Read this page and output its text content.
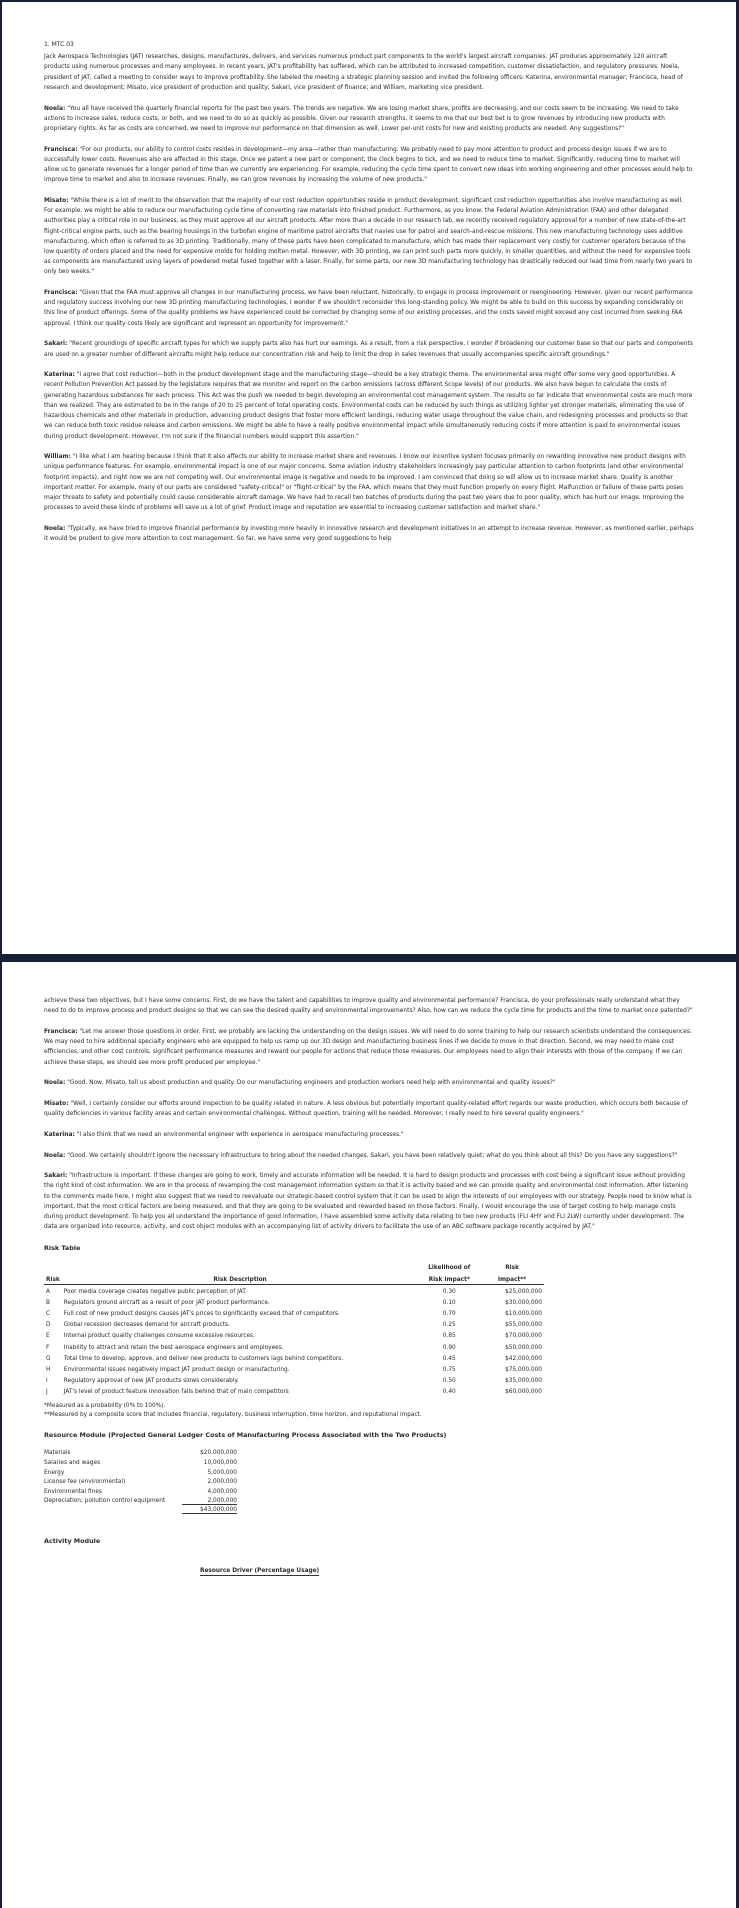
1. MTC.03

Jack Aerospace Technologies (JAT) researches, designs, manufactures, delivers, and services numerous product part components to the world's largest aircraft companies. JAT produces approximately 120 aircraft products using numerous processes and many employees. In recent years, JAT's profitability has suffered, which can be attributed to increased competition, customer dissatisfaction, and regulatory pressures. Noela, president of JAT, called a meeting to consider ways to improve profitability. She labeled the meeting a strategic planning session and invited the following officers: Katerina, environmental manager; Francisca, head of research and development; Misato, vice president of production and quality; Sakari, vice president of finance; and William, marketing vice president.

Noela: "You all have received the quarterly financial reports for the past two years. The trends are negative. We are losing market share, profits are decreasing, and our costs seem to be increasing. We need to take actions to increase sales, reduce costs, or both, and we need to do so as quickly as possible. Given our research strengths, it seems to me that our best bet is to grow revenues by introducing new products with proprietary rights. As far as costs are concerned, we need to improve our performance on that dimension as well. Lower per-unit costs for new and existing products are needed. Any suggestions?"

Francisca: "For our products, our ability to control costs resides in development—my area—rather than manufacturing. We probably need to pay more attention to product and process design issues if we are to successfully lower costs. Revenues also are affected in this stage. Once we patent a new part or component, the clock begins to tick, and we need to reduce time to market. Significantly, reducing time to market will allow us to generate revenues for a longer period of time than we currently are experiencing. For example, reducing the cycle time spent to convert new ideas into working engineering and other processes would help to improve time to market and also to increase revenues. Finally, we can grow revenues by increasing the volume of new products."

Misato: "While there is a lot of merit to the observation that the majority of our cost reduction opportunities reside in product development, significant cost reduction opportunities also involve manufacturing as well. For example, we might be able to reduce our manufacturing cycle time of converting raw materials into finished product. Furthermore, as you know, the Federal Aviation Administration (FAA) and other delegated authorities play a critical role in our business, as they must approve all our aircraft products. After more than a decade in our research lab, we recently received regulatory approval for a number of new state-of-the-art flight-critical engine parts, such as the bearing housings in the turbofan engine of maritime patrol aircrafts that navies use for patrol and search-and-rescue missions. This new manufacturing technology uses additive manufacturing, which often is referred to as 3D printing. Traditionally, many of these parts have been complicated to manufacture, which has made their replacement very costly for customer operators because of the low quantity of orders placed and the need for expensive molds for holding molten metal. However, with 3D printing, we can print such parts more quickly, in smaller quantities, and without the need for expensive tools as components are manufactured using layers of powdered metal fused together with a laser. Finally, for some parts, our new 3D manufacturing technology has drastically reduced our lead time from nearly two years to only two weeks."

Francisca: "Given that the FAA must approve all changes in our manufacturing process, we have been reluctant, historically, to engage in process improvement or reengineering. However, given our recent performance and regulatory success involving our new 3D printing manufacturing technologies, I wonder if we shouldn't reconsider this long-standing policy. We might be able to build on this success by expanding considerably on this line of product offerings. Some of the quality problems we have experienced could be corrected by changing some of our existing processes, and the costs saved might exceed any cost incurred from seeking FAA approval. I think our quality costs likely are significant and represent an opportunity for improvement."

Sakari: "Recent groundings of specific aircraft types for which we supply parts also has hurt our earnings. As a result, from a risk perspective, I wonder if broadening our customer base so that our parts and components are used on a greater number of different aircrafts might help reduce our concentration risk and help to limit the drop in sales revenues that usually accompanies specific aircraft groundings."

Katerina: "I agree that cost reduction—both in the product development stage and the manufacturing stage—should be a key strategic theme. The environmental area might offer some very good opportunities. A recent Pollution Prevention Act passed by the legislature requires that we monitor and report on the carbon emissions (across different Scope levels) of our products. We also have begun to calculate the costs of generating hazardous substances for each process. This Act was the push we needed to begin developing an environmental cost management system. The results so far indicate that environmental costs are much more than we realized. They are estimated to be in the range of 20 to 25 percent of total operating costs. Environmental costs can be reduced by such things as utilizing lighter yet stronger materials, eliminating the use of hazardous chemicals and other materials in production, advancing product designs that foster more efficient landings, reducing water usage throughout the value chain, and redesigning processes and products so that we can reduce both toxic residue release and carbon emissions. We might be able to have a really positive environmental impact while simultaneously reducing costs if more attention is paid to environmental issues during product development. However, I'm not sure if the financial numbers would support this assertion."

William: "I like what I am hearing because I think that it also affects our ability to increase market share and revenues. I know our incentive system focuses primarily on rewarding innovative new product designs with unique performance features. For example, environmental impact is one of our major concerns. Some aviation industry stakeholders increasingly pay particular attention to carbon footprints (and other environmental footprint impacts), and right now we are not competing well. Our environmental image is negative and needs to be improved. I am convinced that doing so will allow us to increase market share. Quality is another important matter. For example, many of our parts are considered "safety-critical" or "flight-critical" by the FAA, which means that they must function properly on every flight. Malfunction or failure of these parts poses major threats to safety and potentially could cause considerable aircraft damage. We have had to recall two batches of products during the past two years due to poor quality, which has hurt our image. Improving the processes to avoid these kinds of problems will save us a lot of grief. Product image and reputation are essential to increasing customer satisfaction and market share."

Noela: "Typically, we have tried to improve financial performance by investing more heavily in innovative research and development initiatives in an attempt to increase revenue. However, as mentioned earlier, perhaps it would be prudent to give more attention to cost management. So far, we have some very good suggestions to help

achieve these two objectives, but I have some concerns. First, do we have the talent and capabilities to improve quality and environmental performance? Francisca, do your professionals really understand what they need to do to improve process and product designs so that we can see the desired quality and environmental improvements? Also, how can we reduce the cycle time for products and the time to market once patented?"

Francisca: "Let me answer those questions in order. First, we probably are lacking the understanding on the design issues. We will need to do some training to help our research scientists understand the consequences. We may need to hire additional specialty engineers who are equipped to help us ramp up our 3D design and manufacturing business lines if we decide to move in that direction. Second, we may need to make cost efficiencies, and other cost controls, significant performance measures and reward our people for actions that reduce those measures. Our employees need to align their interests with those of the company. If we can achieve these steps, we should see more profit produced per employee."

Noela: "Good. Now, Misato, tell us about production and quality. Do our manufacturing engineers and production workers need help with environmental and quality issues?"

Misato: "Well, I certainly consider our efforts around inspection to be quality related in nature. A less obvious but potentially important quality-related effort regards our waste production, which occurs both because of quality deficiencies in various facility areas and certain environmental challenges. Without question, training will be needed. Moreover, I really need to hire several quality engineers."

Katerina: "I also think that we need an environmental engineer with experience in aerospace manufacturing processes."

Noela: "Good. We certainly shouldn't ignore the necessary infrastructure to bring about the needed changes. Sakari, you have been relatively quiet; what do you think about all this? Do you have any suggestions?"

Sakari: "Infrastructure is important. If these changes are going to work, timely and accurate information will be needed. It is hard to design products and processes with cost being a significant issue without providing the right kind of cost information. We are in the process of revamping the cost management information system so that it is activity based and we can provide quality and environmental cost information. After listening to the comments made here, I might also suggest that we need to reevaluate our strategic-based control system that it can be used to align the interests of our employees with our strategy. People need to know what is important, that the most critical factors are being measured, and that they are going to be evaluated and rewarded based on those factors. Finally, I would encourage the use of target costing to help manage costs during product development. To help you all understand the importance of good information, I have assembled some activity data relating to two new products (FLI 4HY and FLI 2LW) currently under development. The data are organized into resource, activity, and cost object modules with an accompanying list of activity drivers to facilitate the use of an ABC software package recently acquired by JAT."

Risk Table

		Likelihood of	Risk
Risk	Risk Description	Risk Impact*	Impact**
A	Poor media coverage creates negative public perception of JAT.	0.30	$25,000,000
B	Regulators ground aircraft as a result of poor JAT product performance.	0.10	$30,000,000
C	Full cost of new product designs causes JAT's prices to significantly exceed that of competitors.	0.70	$10,000,000
D	Global recession decreases demand for aircraft products.	0.25	$55,000,000
E	Internal product quality challenges consume excessive resources.	0.85	$70,000,000
F	Inability to attract and retain the best aerospace engineers and employees.	0.90	$50,000,000
G	Total time to develop, approve, and deliver new products to customers lags behind competitors.	0.45	$42,000,000
H	Environmental issues negatively impact JAT product design or manufacturing.	0.75	$75,000,000
I	Regulatory approval of new JAT products slows considerably.	0.50	$35,000,000
J	JAT's level of product feature innovation falls behind that of main competitors	0.40	$60,000,000

*Measured as a probability (0% to 100%).

**Measured by a composite score that includes financial, regulatory, business interruption, time horizon, and reputational impact.

Resource Module (Projected General Ledger Costs of Manufacturing Process Associated with the Two Products)

Materials	$20,000,000
Salaries and wages	10,000,000
Energy	5,000,000
License fee (environmental)	2,000,000
Environmental fines	4,000,000
Depreciation; pollution control equipment	2,000,000
$43,000,000

Activity Module

Resource Driver (Percentage Usage)
